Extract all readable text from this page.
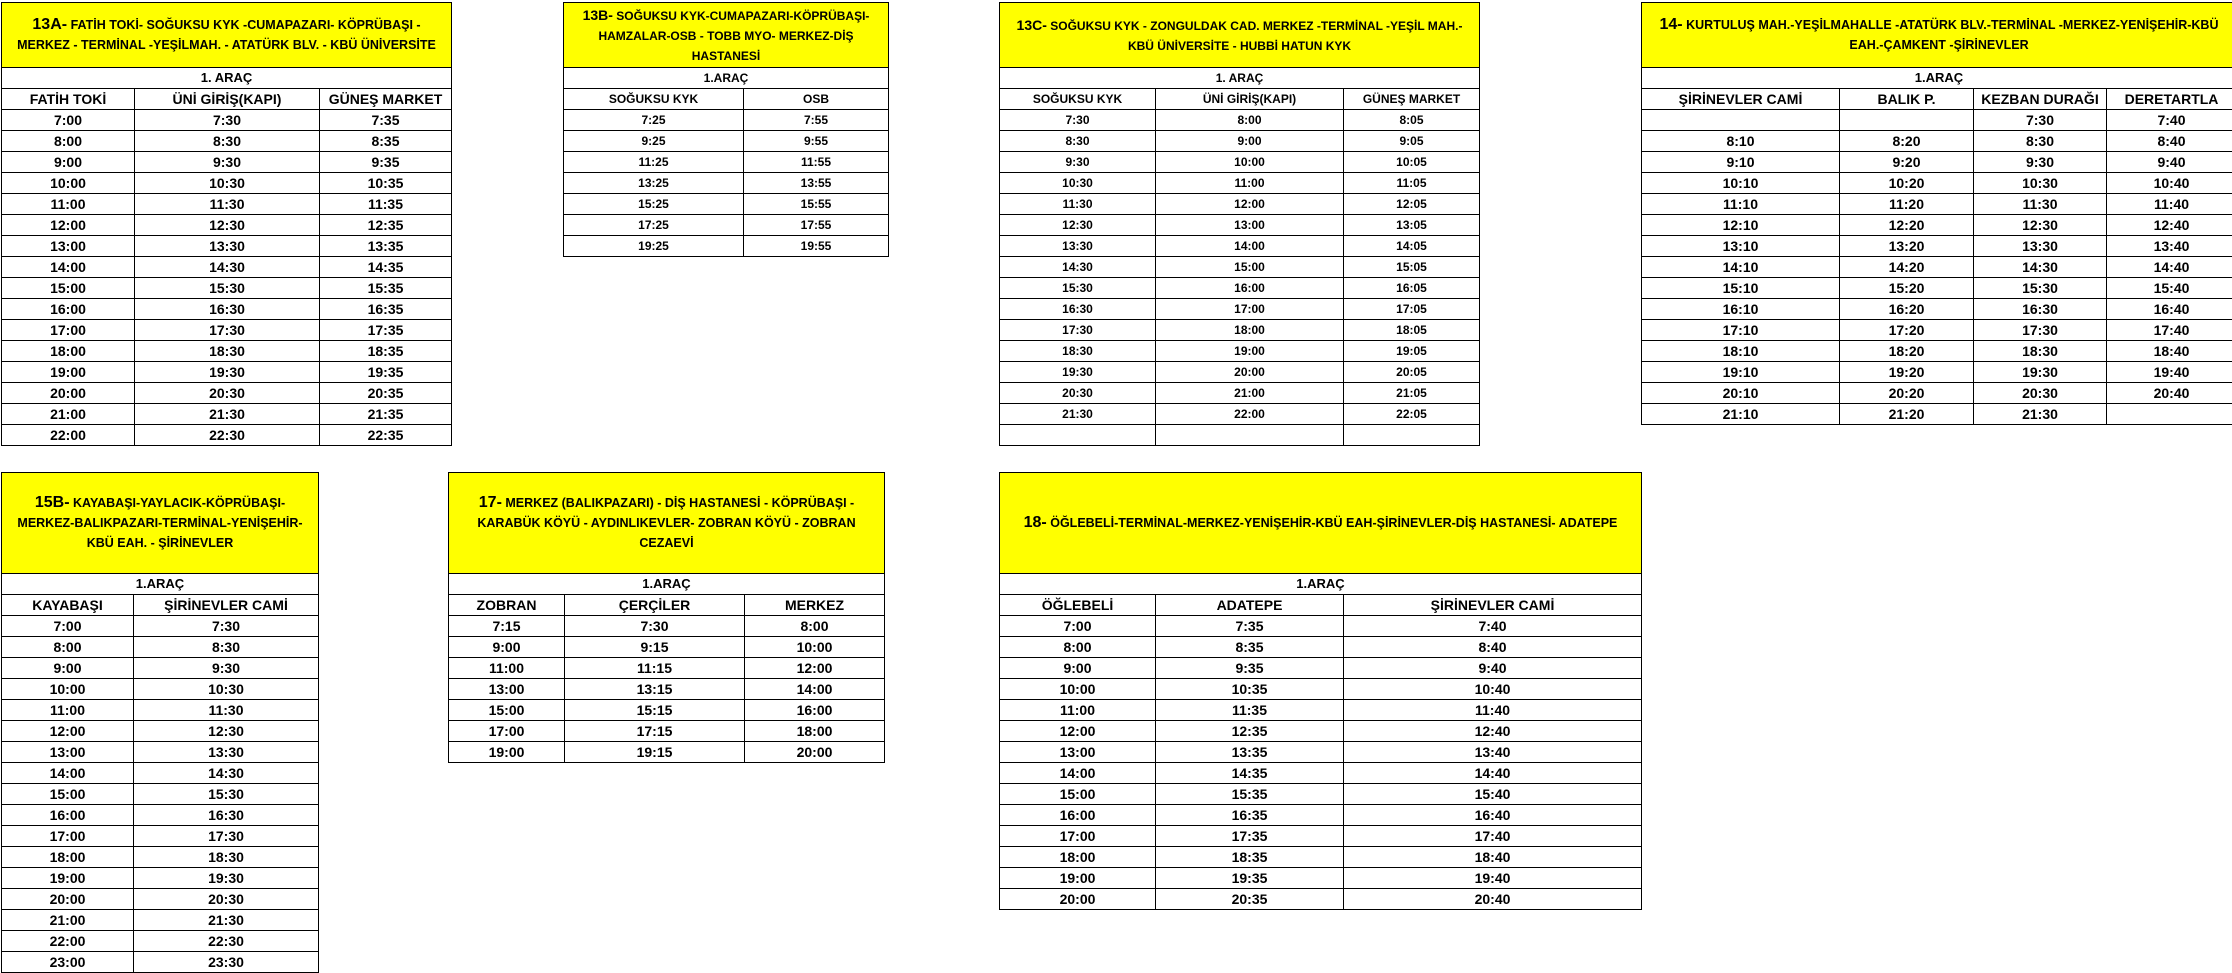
13A- FATİH TOKİ- SOĞUKSU KYK -CUMAPAZARI- KÖPRÜBAŞI - MERKEZ - TERMİNAL -YEŞİLMAH. - ATATÜRK BLV. - KBÜ ÜNİVERSİTE		
1. ARAÇ		
FATİH TOKİ	ÜNİ GİRİŞ(KAPI)	GÜNEŞ MARKET
7:00	7:30	7:35
8:00	8:30	8:35
9:00	9:30	9:35
10:00	10:30	10:35
11:00	11:30	11:35
12:00	12:30	12:35
13:00	13:30	13:35
14:00	14:30	14:35
15:00	15:30	15:35
16:00	16:30	16:35
17:00	17:30	17:35
18:00	18:30	18:35
19:00	19:30	19:35
20:00	20:30	20:35
21:00	21:30	21:35
22:00	22:30	22:35
13B- SOĞUKSU KYK-CUMAPAZARI-KÖPRÜBAŞI-HAMZALAR-OSB - TOBB MYO- MERKEZ-DİŞ HASTANESİ	
1.ARAÇ	
SOĞUKSU KYK	OSB
7:25	7:55
9:25	9:55
11:25	11:55
13:25	13:55
15:25	15:55
17:25	17:55
19:25	19:55
13C- SOĞUKSU KYK - ZONGULDAK CAD. MERKEZ -TERMİNAL -YEŞİL MAH.-KBÜ ÜNİVERSİTE - HUBBİ HATUN KYK		
1. ARAÇ		
SOĞUKSU KYK	ÜNİ GİRİŞ(KAPI)	GÜNEŞ MARKET
7:30	8:00	8:05
8:30	9:00	9:05
9:30	10:00	10:05
10:30	11:00	11:05
11:30	12:00	12:05
12:30	13:00	13:05
13:30	14:00	14:05
14:30	15:00	15:05
15:30	16:00	16:05
16:30	17:00	17:05
17:30	18:00	18:05
18:30	19:00	19:05
19:30	20:00	20:05
20:30	21:00	21:05
21:30	22:00	22:05

14- KURTULUŞ MAH.-YEŞİLMAHALLE -ATATÜRK BLV.-TERMİNAL -MERKEZ-YENİŞEHİR-KBÜ EAH.-ÇAMKENT -ŞİRİNEVLER			
1.ARAÇ			
ŞİRİNEVLER CAMİ	BALIK P.	KEZBAN DURAĞI	DERETARTLA
		7:30	7:40
8:10	8:20	8:30	8:40
9:10	9:20	9:30	9:40
10:10	10:20	10:30	10:40
11:10	11:20	11:30	11:40
12:10	12:20	12:30	12:40
13:10	13:20	13:30	13:40
14:10	14:20	14:30	14:40
15:10	15:20	15:30	15:40
16:10	16:20	16:30	16:40
17:10	17:20	17:30	17:40
18:10	18:20	18:30	18:40
19:10	19:20	19:30	19:40
20:10	20:20	20:30	20:40
21:10	21:20	21:30	
15B- KAYABAŞI-YAYLACIK-KÖPRÜBAŞI-MERKEZ-BALIKPAZARI-TERMİNAL-YENİŞEHİR-KBÜ EAH. - ŞİRİNEVLER	
1.ARAÇ	
KAYABAŞI	ŞİRİNEVLER CAMİ
7:00	7:30
8:00	8:30
9:00	9:30
10:00	10:30
11:00	11:30
12:00	12:30
13:00	13:30
14:00	14:30
15:00	15:30
16:00	16:30
17:00	17:30
18:00	18:30
19:00	19:30
20:00	20:30
21:00	21:30
22:00	22:30
23:00	23:30
17- MERKEZ (BALIKPAZARI) - DİŞ HASTANESİ - KÖPRÜBAŞI - KARABÜK KÖYÜ - AYDINLIKEVLER- ZOBRAN KÖYÜ - ZOBRAN CEZAEVİ		
1.ARAÇ		
ZOBRAN	ÇERÇİLER	MERKEZ
7:15	7:30	8:00
9:00	9:15	10:00
11:00	11:15	12:00
13:00	13:15	14:00
15:00	15:15	16:00
17:00	17:15	18:00
19:00	19:15	20:00
18- ÖĞLEBELİ-TERMİNAL-MERKEZ-YENİŞEHİR-KBÜ EAH-ŞİRİNEVLER-DİŞ HASTANESİ- ADATEPE		
1.ARAÇ		
ÖĞLEBELİ	ADATEPE	ŞİRİNEVLER CAMİ
7:00	7:35	7:40
8:00	8:35	8:40
9:00	9:35	9:40
10:00	10:35	10:40
11:00	11:35	11:40
12:00	12:35	12:40
13:00	13:35	13:40
14:00	14:35	14:40
15:00	15:35	15:40
16:00	16:35	16:40
17:00	17:35	17:40
18:00	18:35	18:40
19:00	19:35	19:40
20:00	20:35	20:40
